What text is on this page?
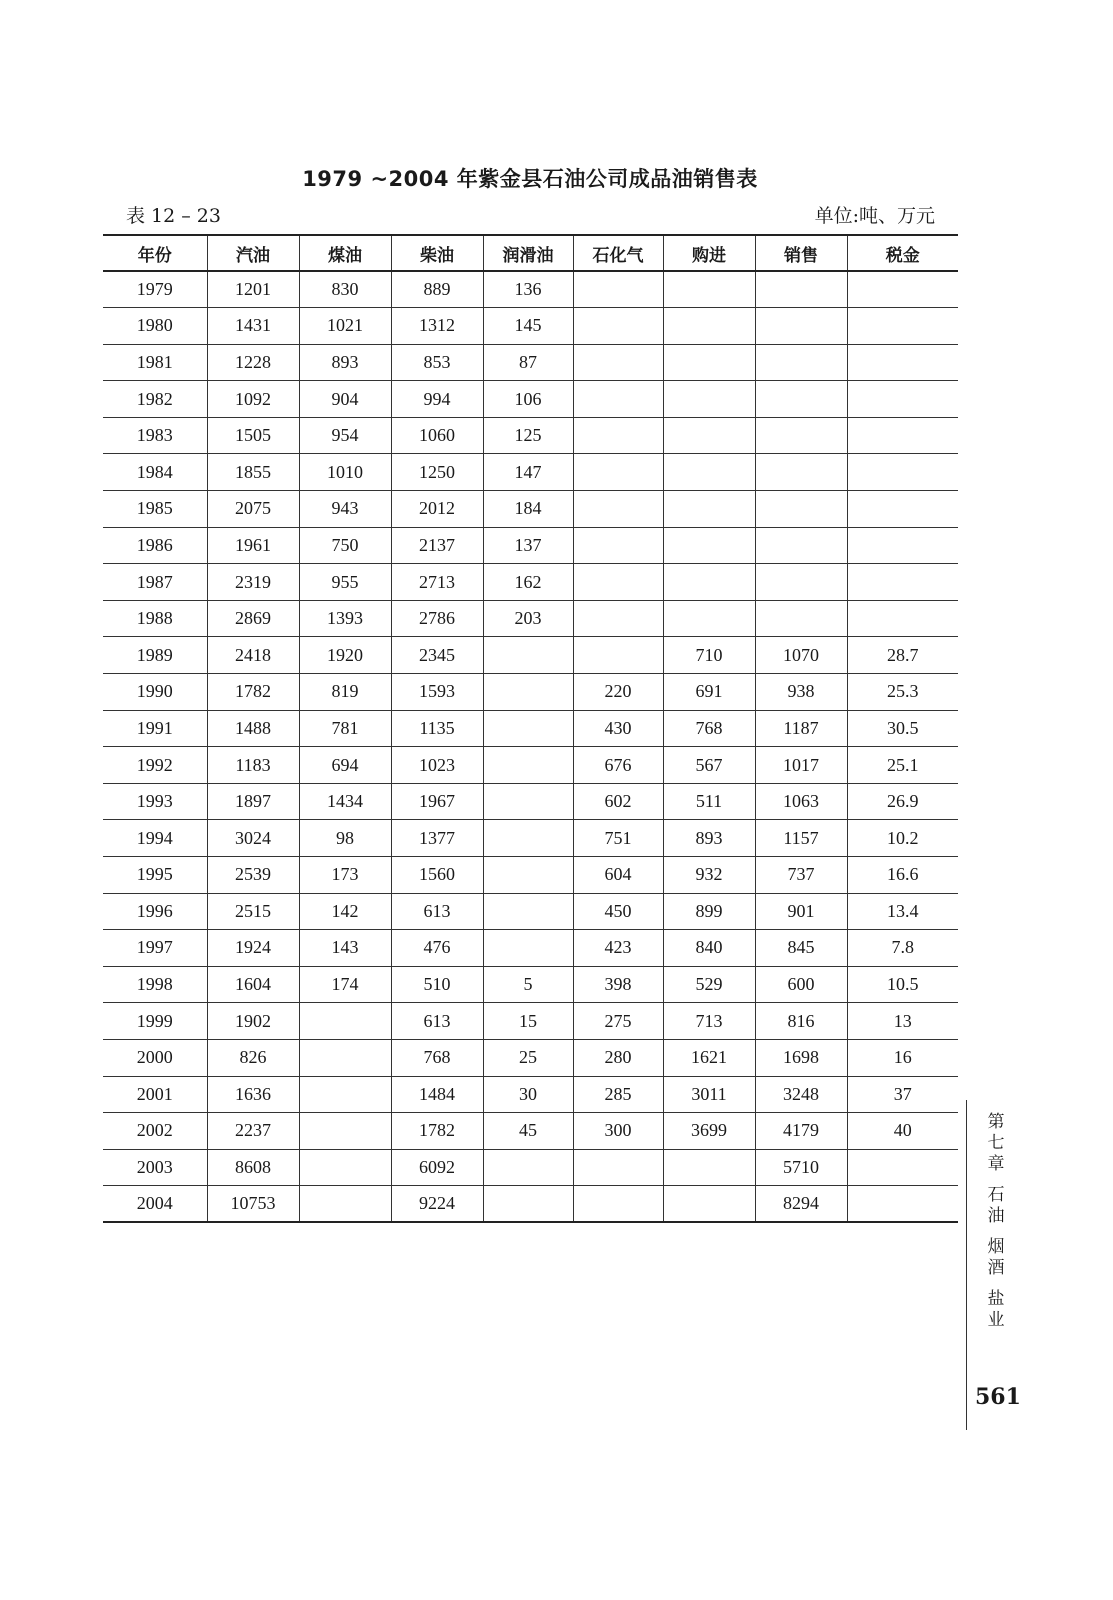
1979 ~2004 年紫金县石油公司成品油销售表
表 12 – 23	单位:吨、万元
年份	汽油	煤油	柴油	润滑油	石化气	购进	销售	税金
1979	1201	830	889	136				
1980	1431	1021	1312	145				
1981	1228	893	853	87				
1982	1092	904	994	106				
1983	1505	954	1060	125				
1984	1855	1010	1250	147				
1985	2075	943	2012	184				
1986	1961	750	2137	137				
1987	2319	955	2713	162				
1988	2869	1393	2786	203				
1989	2418	1920	2345			710	1070	28.7
1990	1782	819	1593		220	691	938	25.3
1991	1488	781	1135		430	768	1187	30.5
1992	1183	694	1023		676	567	1017	25.1
1993	1897	1434	1967		602	511	1063	26.9
1994	3024	98	1377		751	893	1157	10.2
1995	2539	173	1560		604	932	737	16.6
1996	2515	142	613		450	899	901	13.4
1997	1924	143	476		423	840	845	7.8
1998	1604	174	510	5	398	529	600	10.5
1999	1902		613	15	275	713	816	13
2000	826		768	25	280	1621	1698	16
2001	1636		1484	30	285	3011	3248	37
2002	2237		1782	45	300	3699	4179	40
2003	8608		6092				5710	
2004	10753		9224				8294	
第
七
章
石
油
烟
酒
盐
业
561
